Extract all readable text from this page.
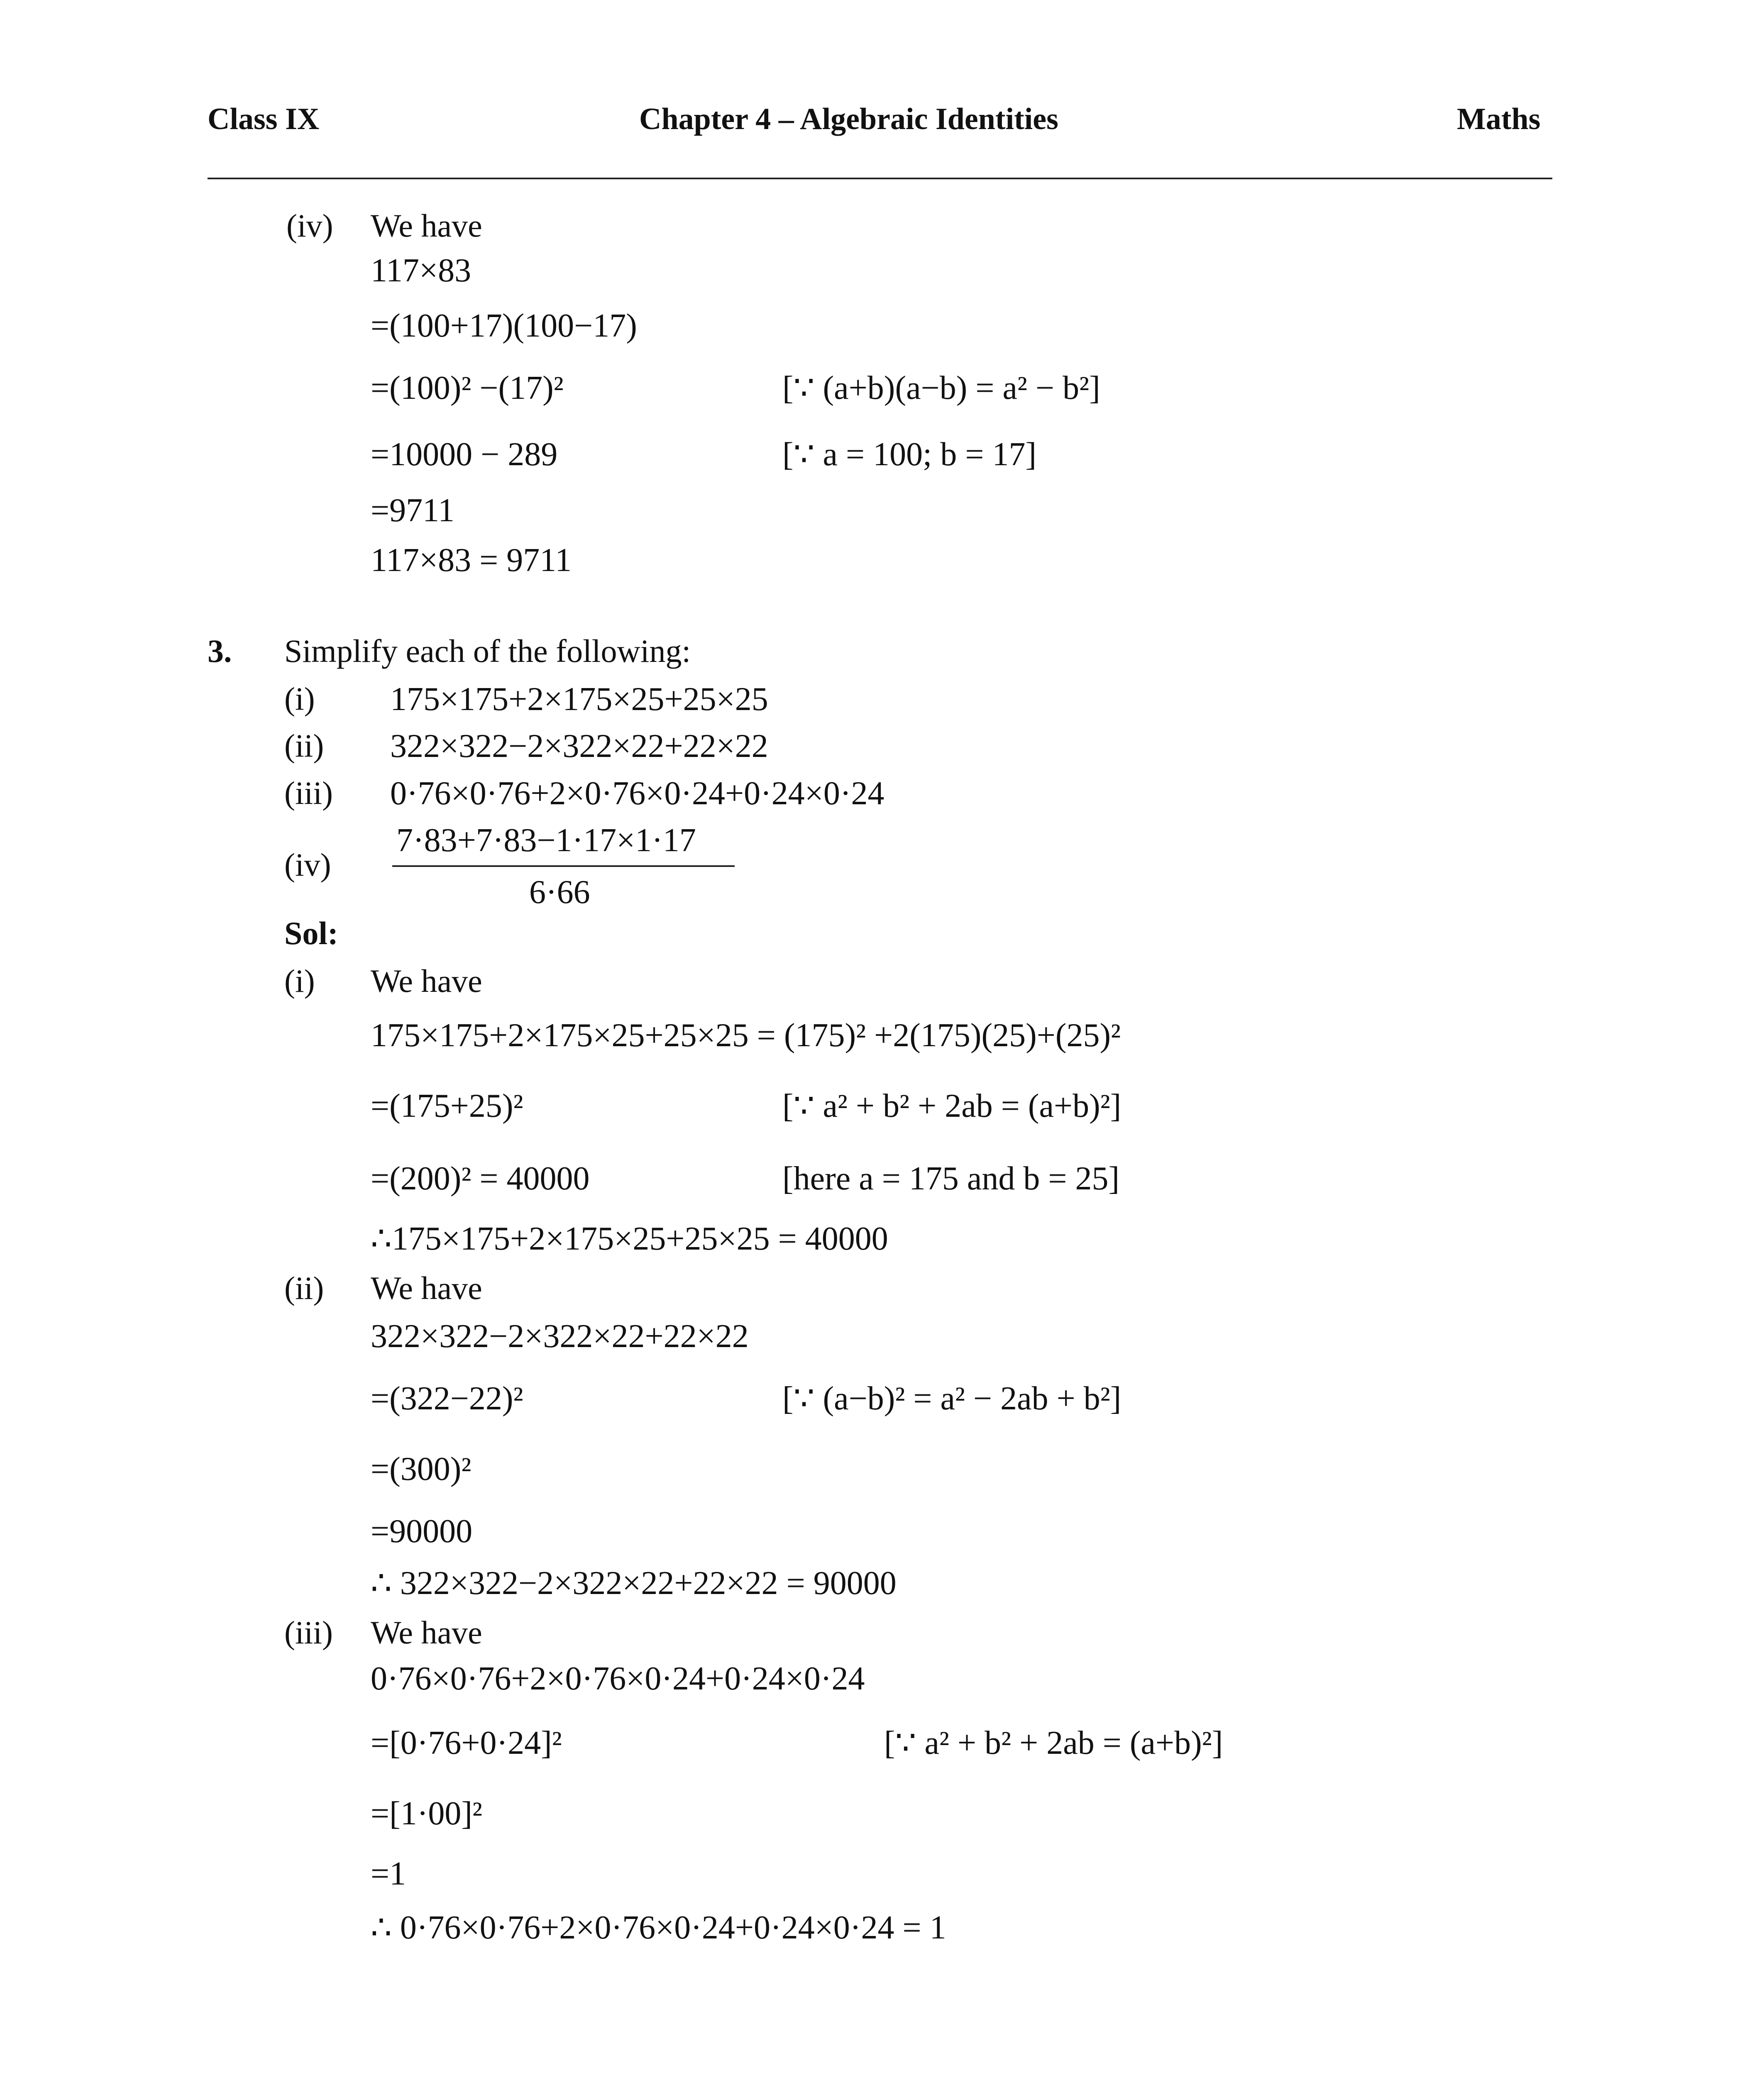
Class IX	Chapter 4 – Algebraic Identities	Maths
(iv) We have
117×83
=(100+17)(100−17)
=(100)² −(17)²
=10000 − 289
=9711
117×83 = 9711
[∵ (a+b)(a−b) = a² − b²]
[∵ a = 100; b = 17]
3. Simplify each of the following:
(i) 175×175+2×175×25+25×25
(ii) 322×322−2×322×22+22×22
(iii) 0·76×0·76+2×0·76×0·24+0·24×0·24
(iv)
7·83+7·83−1·17×1·17
6·66
Sol:
(i) We have
175×175+2×175×25+25×25 = (175)² +2(175)(25)+(25)²
=(175+25)²
=(200)² = 40000
∴175×175+2×175×25+25×25 = 40000
[∵ a² + b² + 2ab = (a+b)²]
[here a = 175 and b = 25]
(ii) We have
322×322−2×322×22+22×22
=(322−22)²
=(300)²
=90000
∴ 322×322−2×322×22+22×22 = 90000
[∵ (a−b)² = a² − 2ab + b²]
(iii) We have
0·76×0·76+2×0·76×0·24+0·24×0·24
=[0·76+0·24]²
=[1·00]²
=1
∴ 0·76×0·76+2×0·76×0·24+0·24×0·24 = 1
[∵ a² + b² + 2ab = (a+b)²]
